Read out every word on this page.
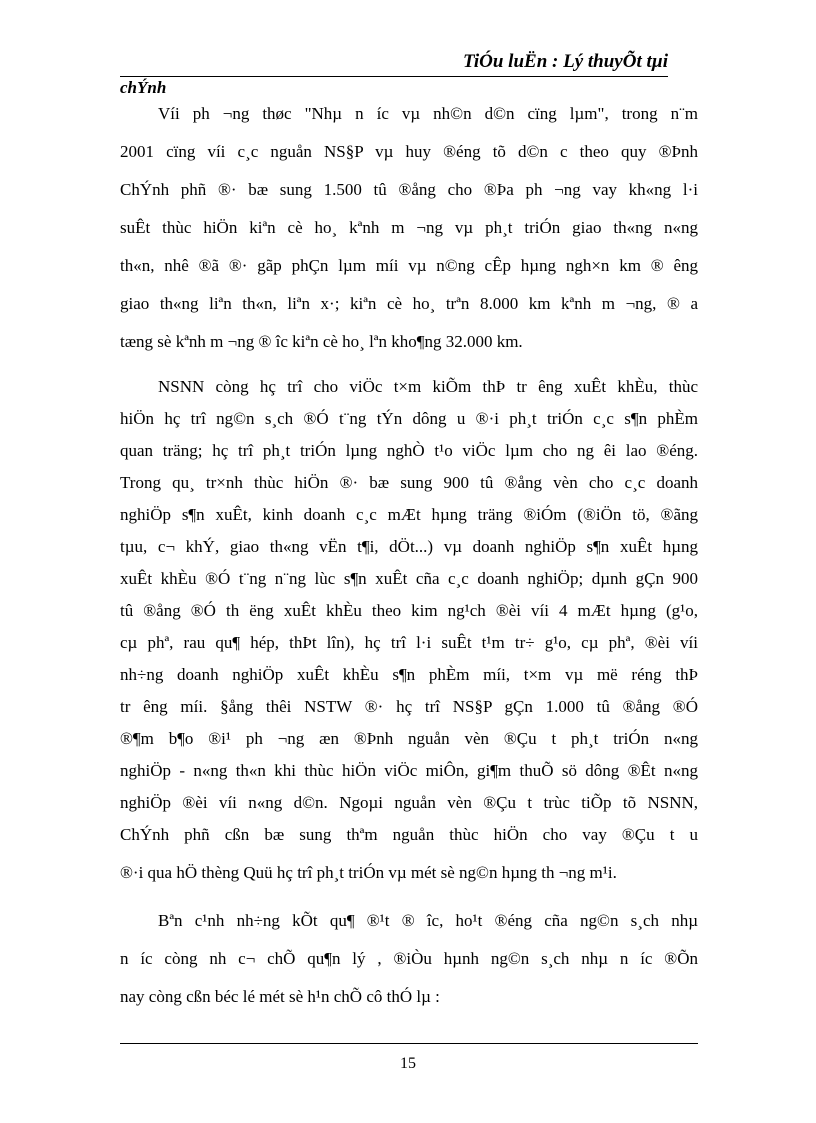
TiÓu luËn : Lý thuyÕt tµi
chÝnh
Víi ph ¬ng thøc "Nhµ n íc vµ nh©n d©n cïng lµm", trong n¨m
2001 cïng víi c¸c nguån NS§P vµ huy ®éng tõ d©n c theo quy ®Þnh
ChÝnh phñ ®· bæ sung 1.500 tû ®ång cho ®Þa ph ¬ng vay kh«ng l·i
suÊt thùc hiÖn kiªn cè ho¸ kªnh m ¬ng vµ ph¸t triÓn giao th«ng n«ng
th«n, nhê ®ã ®· gãp phÇn lµm míi vµ n©ng cÊp hµng ngh×n km ® êng
giao th«ng liªn th«n, liªn x·; kiªn cè ho¸ trªn 8.000 km kªnh m ¬ng, ® a
tæng sè kªnh m ¬ng ® îc kiªn cè ho¸ lªn kho¶ng 32.000 km.
NSNN còng hç trî cho viÖc t×m kiÕm thÞ tr êng xuÊt khÈu, thùc
hiÖn hç trî ng©n s¸ch ®Ó t¨ng tÝn dông u ®·i ph¸t triÓn c¸c s¶n phÈm
quan träng; hç trî ph¸t triÓn lµng nghÒ t¹o viÖc lµm cho ng êi lao ®éng.
Trong qu¸ tr×nh thùc hiÖn ®· bæ sung 900 tû ®ång vèn cho c¸c doanh
nghiÖp s¶n xuÊt, kinh doanh c¸c mÆt hµng träng ®iÓm (®iÖn tö, ®ãng
tµu, c¬ khÝ, giao th«ng vËn t¶i, dÖt...) vµ doanh nghiÖp s¶n xuÊt hµng
xuÊt khÈu ®Ó t¨ng n¨ng lùc s¶n xuÊt cña c¸c doanh nghiÖp; dµnh gÇn 900
tû ®ång ®Ó th ëng xuÊt khÈu theo kim ng¹ch ®èi víi 4 mÆt hµng (g¹o,
cµ phª, rau qu¶ hép, thÞt lîn), hç trî l·i suÊt t¹m tr÷ g¹o, cµ phª, ®èi víi
nh÷ng doanh nghiÖp xuÊt khÈu s¶n phÈm míi, t×m vµ më réng thÞ
tr êng míi. §ång thêi NSTW ®· hç trî NS§P gÇn 1.000 tû ®ång ®Ó
®¶m b¶o ®i¹ ph ¬ng æn ®Þnh nguån vèn ®Çu t ph¸t triÓn n«ng
nghiÖp - n«ng th«n khi thùc hiÖn viÖc miÔn, gi¶m thuÕ sö dông ®Êt n«ng
nghiÖp ®èi víi n«ng d©n. Ngoµi nguån vèn ®Çu t trùc tiÕp tõ NSNN,
ChÝnh phñ cßn bæ sung thªm nguån thùc hiÖn cho vay ®Çu t u
®·i qua hÖ thèng Quü hç trî ph¸t triÓn vµ mét sè ng©n hµng th ¬ng m¹i.
Bªn c¹nh nh÷ng kÕt qu¶ ®¹t ® îc, ho¹t ®éng cña ng©n s¸ch nhµ
n íc còng nh c¬ chÕ qu¶n lý , ®iÒu hµnh ng©n s¸ch nhµ n íc ®Õn
15
nay còng cßn béc lé mét sè h¹n chÕ cô thÓ lµ :
